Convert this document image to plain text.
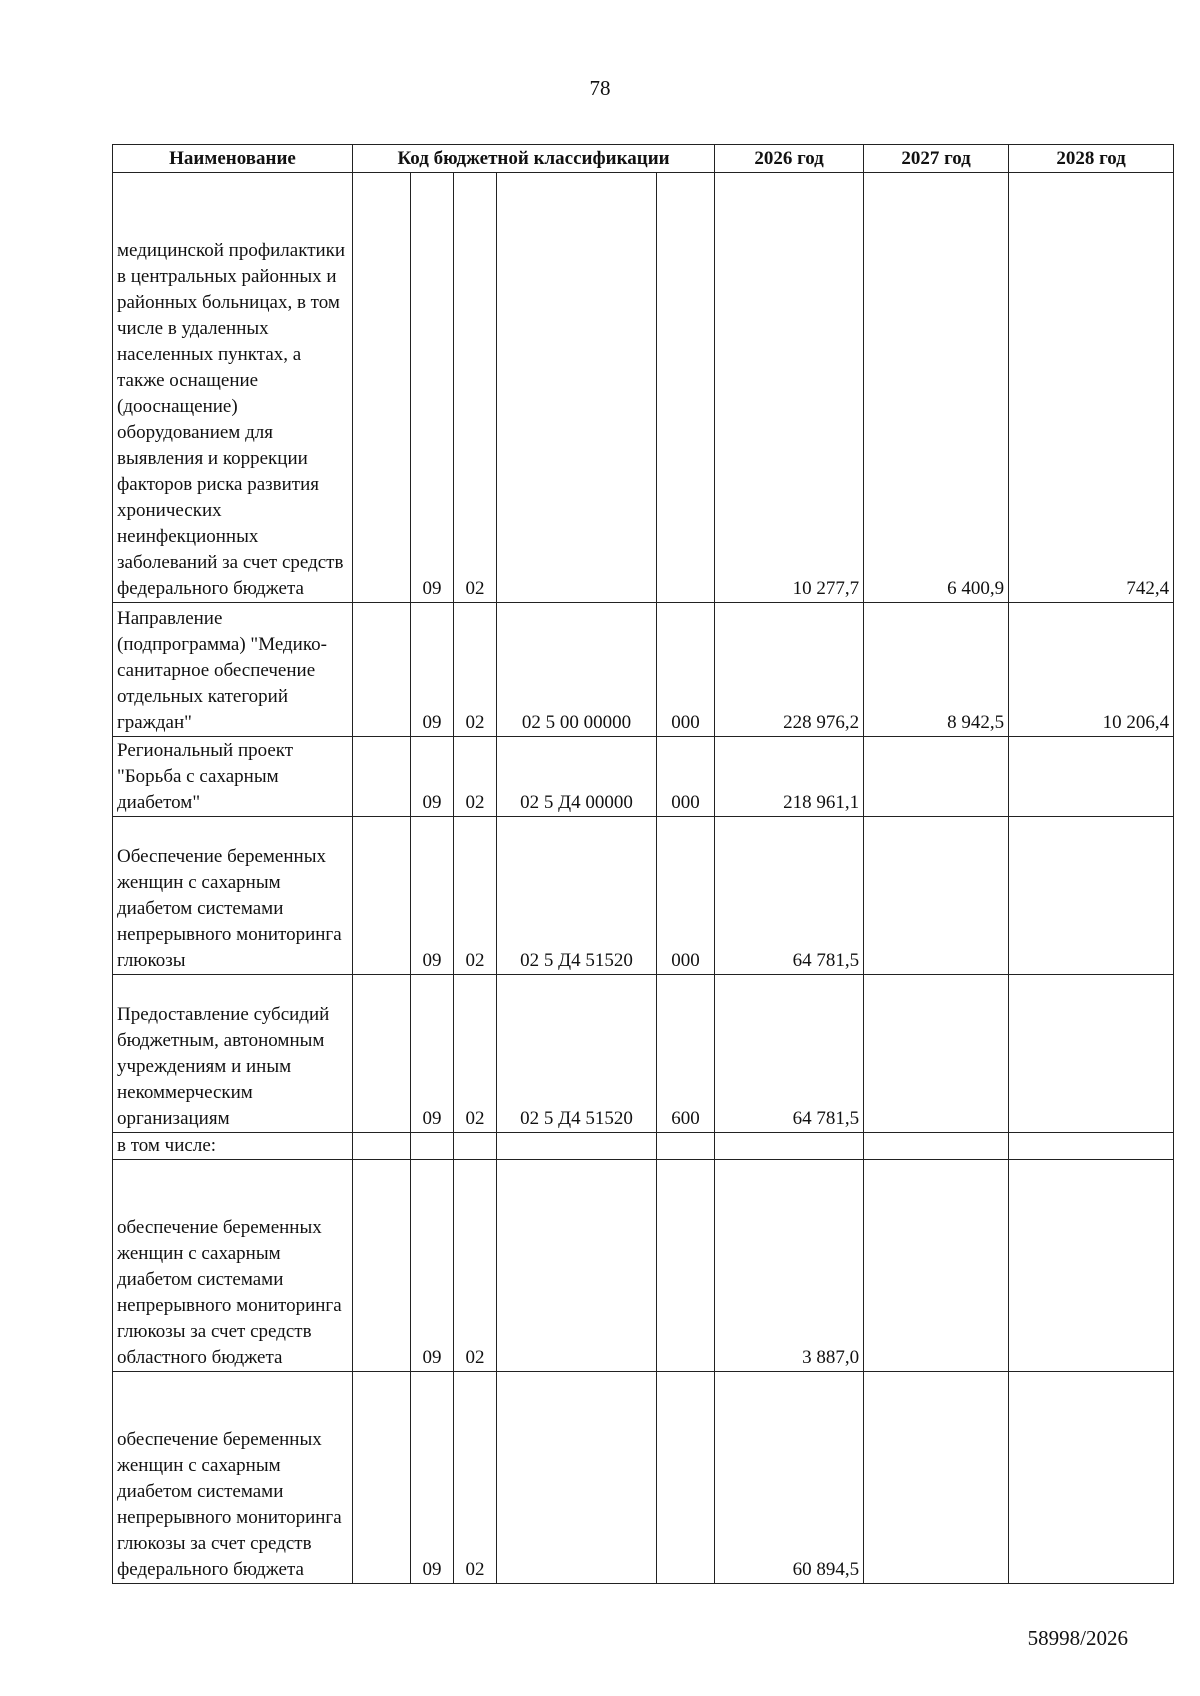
78
Наименование	Код бюджетной классификации					2026 год	2027 год	2028 год
медицинской профилактики в центральных районных и районных больницах, в том числе в удаленных населенных пунктах, а также оснащение (дооснащение) оборудованием для выявления и коррекции факторов риска развития хронических неинфекционных заболеваний за счет средств федерального бюджета		09	02			10 277,7	6 400,9	742,4
Направление (подпрограмма) "Медико-санитарное обеспечение отдельных категорий граждан"		09	02	02 5 00 00000	000	228 976,2	8 942,5	10 206,4
Региональный проект "Борьба с сахарным диабетом"		09	02	02 5 Д4 00000	000	218 961,1		
Обеспечение беременных женщин с сахарным диабетом системами непрерывного мониторинга глюкозы		09	02	02 5 Д4 51520	000	64 781,5		
Предоставление субсидий бюджетным, автономным учреждениям и иным некоммерческим организациям		09	02	02 5 Д4 51520	600	64 781,5		
в том числе:								
обеспечение беременных женщин с сахарным диабетом системами непрерывного мониторинга глюкозы за счет средств областного бюджета		09	02			3 887,0		
обеспечение беременных женщин с сахарным диабетом системами непрерывного мониторинга глюкозы за счет средств федерального бюджета		09	02			60 894,5		
58998/2026
